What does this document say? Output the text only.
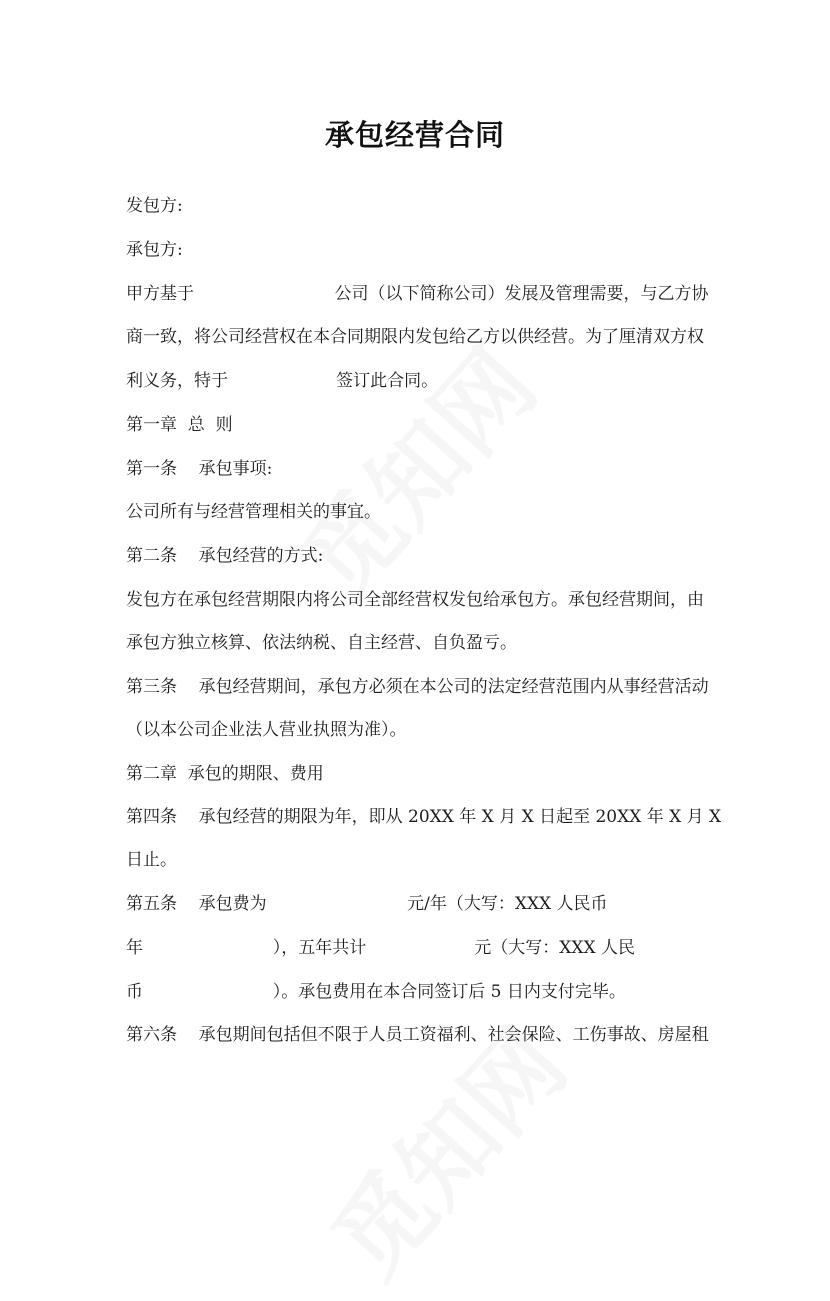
承包经营合同
发包方:
承包方:
甲方基于                          公司（以下简称公司）发展及管理需要，与乙方协
商一致，将公司经营权在本合同期限内发包给乙方以供经营。为了厘清双方权
利义务，特于                    签订此合同。
第一章  总  则
第一条    承包事项:
公司所有与经营管理相关的事宜。
第二条    承包经营的方式:
发包方在承包经营期限内将公司全部经营权发包给承包方。承包经营期间，由
承包方独立核算、依法纳税、自主经营、自负盈亏。
第三条    承包经营期间，承包方必须在本公司的法定经营范围内从事经营活动
（以本公司企业法人营业执照为准）。
第二章  承包的期限、费用
第四条    承包经营的期限为年，即从 20XX 年 X 月 X 日起至 20XX 年 X 月 X
日止。
第五条    承包费为                          元/年（大写：XXX 人民币
年                        ），五年共计                    元（大写：XXX 人民
币                        ）。承包费用在本合同签订后 5 日内支付完毕。
第六条    承包期间包括但不限于人员工资福利、社会保险、工伤事故、房屋租
